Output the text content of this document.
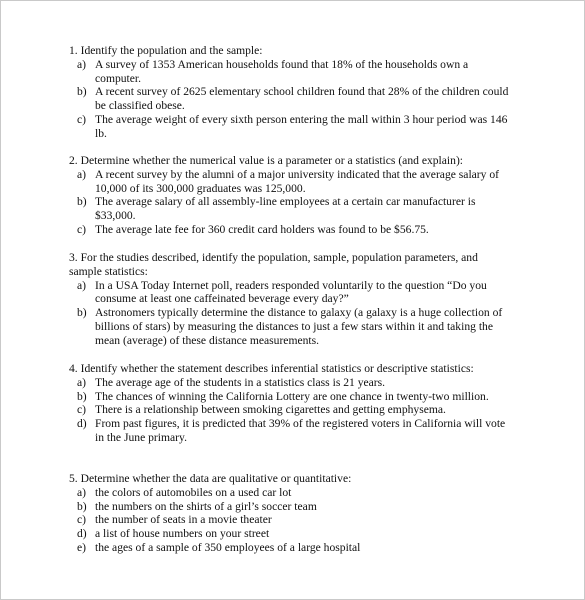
1. Identify the population and the sample:
a) A survey of 1353 American households found that 18% of the households own a computer.
b) A recent survey of 2625 elementary school children found that 28% of the children could be classified obese.
c) The average weight of every sixth person entering the mall within 3 hour period was 146 lb.
2. Determine whether the numerical value is a parameter or a statistics (and explain):
a) A recent survey by the alumni of a major university indicated that the average salary of 10,000 of its 300,000 graduates was 125,000.
b) The average salary of all assembly-line employees at a certain car manufacturer is $33,000.
c) The average late fee for 360 credit card holders was found to be $56.75.
3. For the studies described, identify the population, sample, population parameters, and sample statistics:
a) In a USA Today Internet poll, readers responded voluntarily to the question “Do you consume at least one caffeinated beverage every day?”
b) Astronomers typically determine the distance to galaxy (a galaxy is a huge collection of billions of stars) by measuring the distances to just a few stars within it and taking the mean (average) of these distance measurements.
4. Identify whether the statement describes inferential statistics or descriptive statistics:
a) The average age of the students in a statistics class is 21 years.
b) The chances of winning the California Lottery are one chance in twenty-two million.
c) There is a relationship between smoking cigarettes and getting emphysema.
d) From past figures, it is predicted that 39% of the registered voters in California will vote in the June primary.
5. Determine whether the data are qualitative or quantitative:
a) the colors of automobiles on a used car lot
b) the numbers on the shirts of a girl’s soccer team
c) the number of seats in a movie theater
d) a list of house numbers on your street
e) the ages of a sample of 350 employees of a large hospital
